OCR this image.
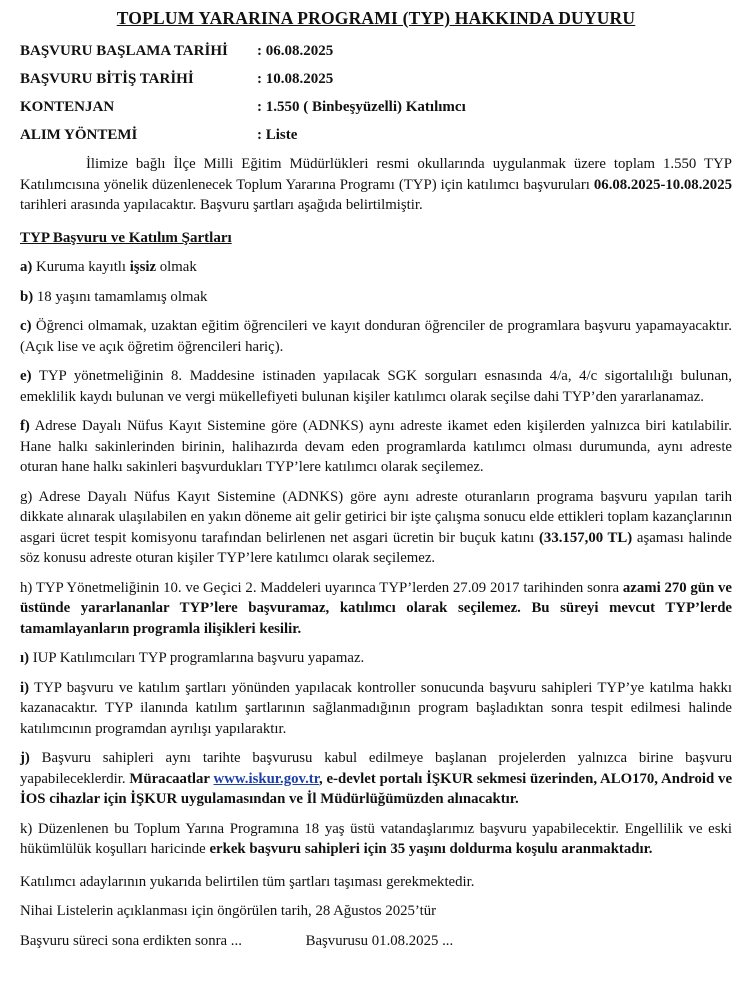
TOPLUM YARARINA PROGRAMI (TYP) HAKKINDA DUYURU
BAŞVURU BAŞLAMA TARİHİ	: 06.08.2025
BAŞVURU BİTİŞ TARİHİ	: 10.08.2025
KONTENJAN	: 1.550 ( Binbeşyüzelli) Katılımcı
ALIM YÖNTEMİ	: Liste

İlimize bağlı İlçe Milli Eğitim Müdürlükleri resmi okullarında uygulanmak üzere toplam 1.550 TYP Katılımcısına yönelik düzenlenecek Toplum Yararına Programı (TYP) için katılımcı başvuruları 06.08.2025-10.08.2025 tarihleri arasında yapılacaktır. Başvuru şartları aşağıda belirtilmiştir.

TYP Başvuru ve Katılım Şartları
a) Kuruma kayıtlı işsiz olmak
b) 18 yaşını tamamlamış olmak
c) Öğrenci olmamak, uzaktan eğitim öğrencileri ve kayıt donduran öğrenciler de programlara başvuru yapamayacaktır. (Açık lise ve açık öğretim öğrencileri hariç).
e) TYP yönetmeliğinin 8. Maddesine istinaden yapılacak SGK sorguları esnasında 4/a, 4/c sigortalılığı bulunan, emeklilik kaydı bulunan ve vergi mükellefiyeti bulunan kişiler katılımcı olarak seçilse dahi TYP’den yararlanamaz.
f) Adrese Dayalı Nüfus Kayıt Sistemine göre (ADNKS) aynı adreste ikamet eden kişilerden yalnızca biri katılabilir. Hane halkı sakinlerinden birinin, halihazırda devam eden programlarda katılımcı olması durumunda, aynı adreste oturan hane halkı sakinleri başvurdukları TYP’lere katılımcı olarak seçilemez.
g) Adrese Dayalı Nüfus Kayıt Sistemine (ADNKS) göre aynı adreste oturanların programa başvuru yapılan tarih dikkate alınarak ulaşılabilen en yakın döneme ait gelir getirici bir işte çalışma sonucu elde ettikleri toplam kazançlarının asgari ücret tespit komisyonu tarafından belirlenen net asgari ücretin bir buçuk katını (33.157,00 TL) aşaması halinde söz konusu adreste oturan kişiler TYP’lere katılımcı olarak seçilemez.
h) TYP Yönetmeliğinin 10. ve Geçici 2. Maddeleri uyarınca TYP’lerden 27.09 2017 tarihinden sonra azami 270 gün ve üstünde yararlananlar TYP’lere başvuramaz, katılımcı olarak seçilemez. Bu süreyi mevcut TYP’lerde tamamlayanların programla ilişikleri kesilir.
ı) IUP Katılımcıları TYP programlarına başvuru yapamaz.
i) TYP başvuru ve katılım şartları yönünden yapılacak kontroller sonucunda başvuru sahipleri TYP’ye katılma hakkı kazanacaktır. TYP ilanında katılım şartlarının sağlanmadığının program başladıktan sonra tespit edilmesi halinde katılımcının programdan ayrılışı yapılaraktır.
j) Başvuru sahipleri aynı tarihte başvurusu kabul edilmeye başlanan projelerden yalnızca birine başvuru yapabileceklerdir. Müracaatlar www.iskur.gov.tr, e-devlet portalı İŞKUR sekmesi üzerinden, ALO170, Android ve İOS cihazlar için İŞKUR uygulamasından ve İl Müdürlüğümüzden alınacaktır.
k) Düzenlenen bu Toplum Yarına Programına 18 yaş üstü vatandaşlarımız başvuru yapabilecektir. Engellilik ve eski hükümlülük koşulları haricinde erkek başvuru sahipleri için 35 yaşını doldurma koşulu aranmaktadır.
Katılımcı adaylarının yukarıda belirtilen tüm şartları taşıması gerekmektedir.
Nihai Listelerin açıklanması için öngörülen tarih, 28 Ağustos 2025’tür
Başvuru süreci sona erdikten sonra ...	Başvurusu 01.08.2025 ...
